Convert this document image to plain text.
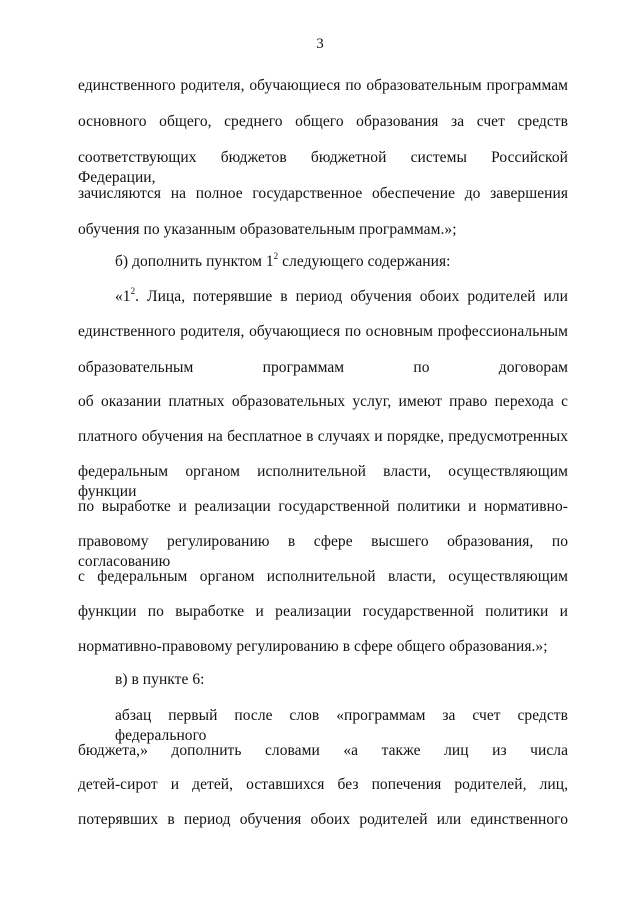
3
единственного родителя, обучающиеся по образовательным программам
основного общего, среднего общего образования за счет средств
соответствующих бюджетов бюджетной системы Российской Федерации,
зачисляются на полное государственное обеспечение до завершения
обучения по указанным образовательным программам.»;
б) дополнить пунктом $1^2$ следующего содержания:
«$1^2$. Лица, потерявшие в период обучения обоих родителей или
единственного родителя, обучающиеся по основным профессиональным
образовательным программам по договорам
об оказании платных образовательных услуг, имеют право перехода с
платного обучения на бесплатное в случаях и порядке, предусмотренных
федеральным органом исполнительной власти, осуществляющим функции
по выработке и реализации государственной политики и нормативно-
правовому регулированию в сфере высшего образования, по согласованию
с федеральным органом исполнительной власти, осуществляющим
функции по выработке и реализации государственной политики и
нормативно-правовому регулированию в сфере общего образования.»;
в) в пункте 6:
абзац первый после слов «программам за счет средств федерального
бюджета,» дополнить словами «а также лиц из числа
детей-сирот и детей, оставшихся без попечения родителей, лиц,
потерявших в период обучения обоих родителей или единственного
